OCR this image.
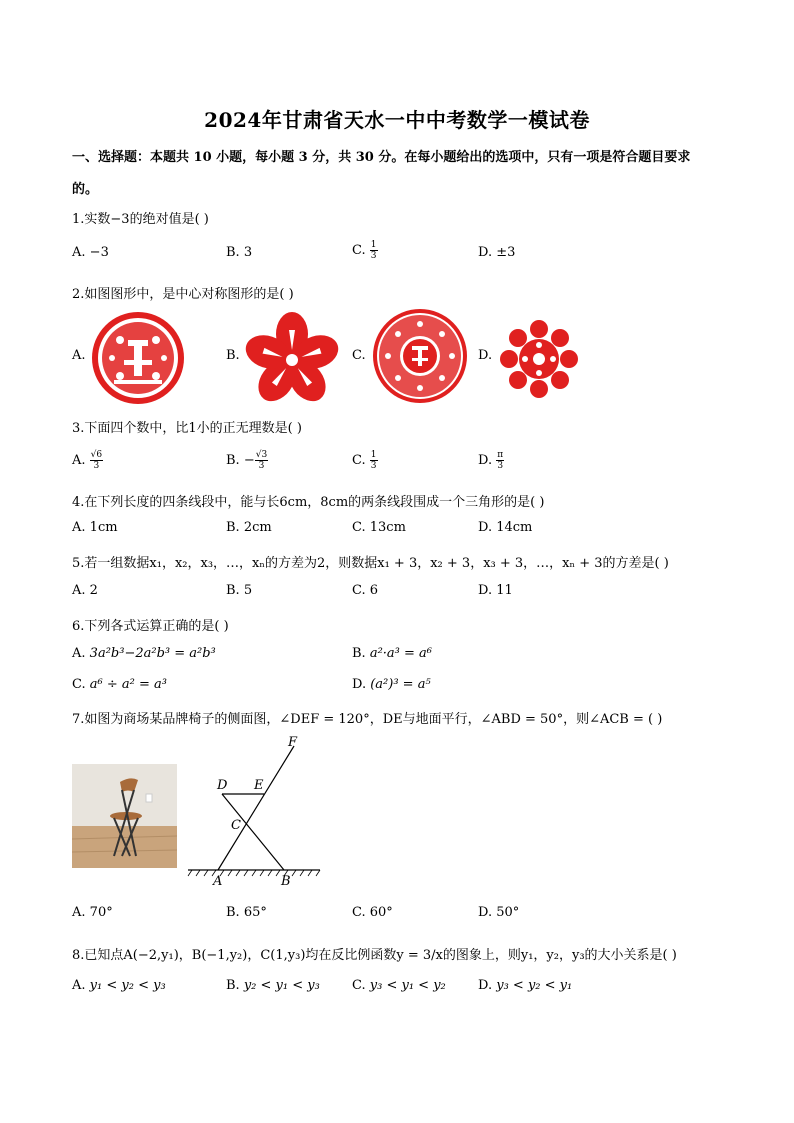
2024年甘肃省天水一中中考数学一模试卷
一、选择题：本题共 10 小题，每小题 3 分，共 30 分。在每小题给出的选项中，只有一项是符合题目要求
的。
1.实数−3的绝对值是( )
A. −3	B. 3	C. $\frac{1}{3}$	D. ±3
2.如图图形中，是中心对称图形的是( )
A.	B.	C.	D.
3.下面四个数中，比1小的正无理数是( )
A. $\frac{√6}{3}$	B. − $\frac{√3}{3}$	C. $\frac{1}{3}$	D. $\frac{\pi}{3}$
4.在下列长度的四条线段中，能与长6cm，8cm的两条线段围成一个三角形的是( )
A. 1cm	B. 2cm	C. 13cm	D. 14cm
5.若一组数据x₁，x₂，x₃，…，xₙ的方差为2，则数据x₁ + 3，x₂ + 3，x₃ + 3，…，xₙ + 3的方差是( )
A. 2	B. 5	C. 6	D. 11
6.下列各式运算正确的是( )
A. 3a²b³−2a²b³ = a²b³	B. a²·a³ = a⁶
C. a⁶ ÷ a² = a³	D. (a²)³ = a⁵
7.如图为商场某品牌椅子的侧面图，∠DEF = 120°，DE与地面平行，∠ABD = 50°，则∠ACB = ( )
F
D E
C
A	B
A. 70°	B. 65°	C. 60°	D. 50°
8.已知点A(−2,y₁)，B(−1,y₂)，C(1,y₃)均在反比例函数y = 3/x的图象上，则y₁，y₂，y₃的大小关系是( )
A. y₁ < y₂ < y₃	B. y₂ < y₁ < y₃ C. y₃ < y₁ < y₂ D. y₃ < y₂ < y₁
